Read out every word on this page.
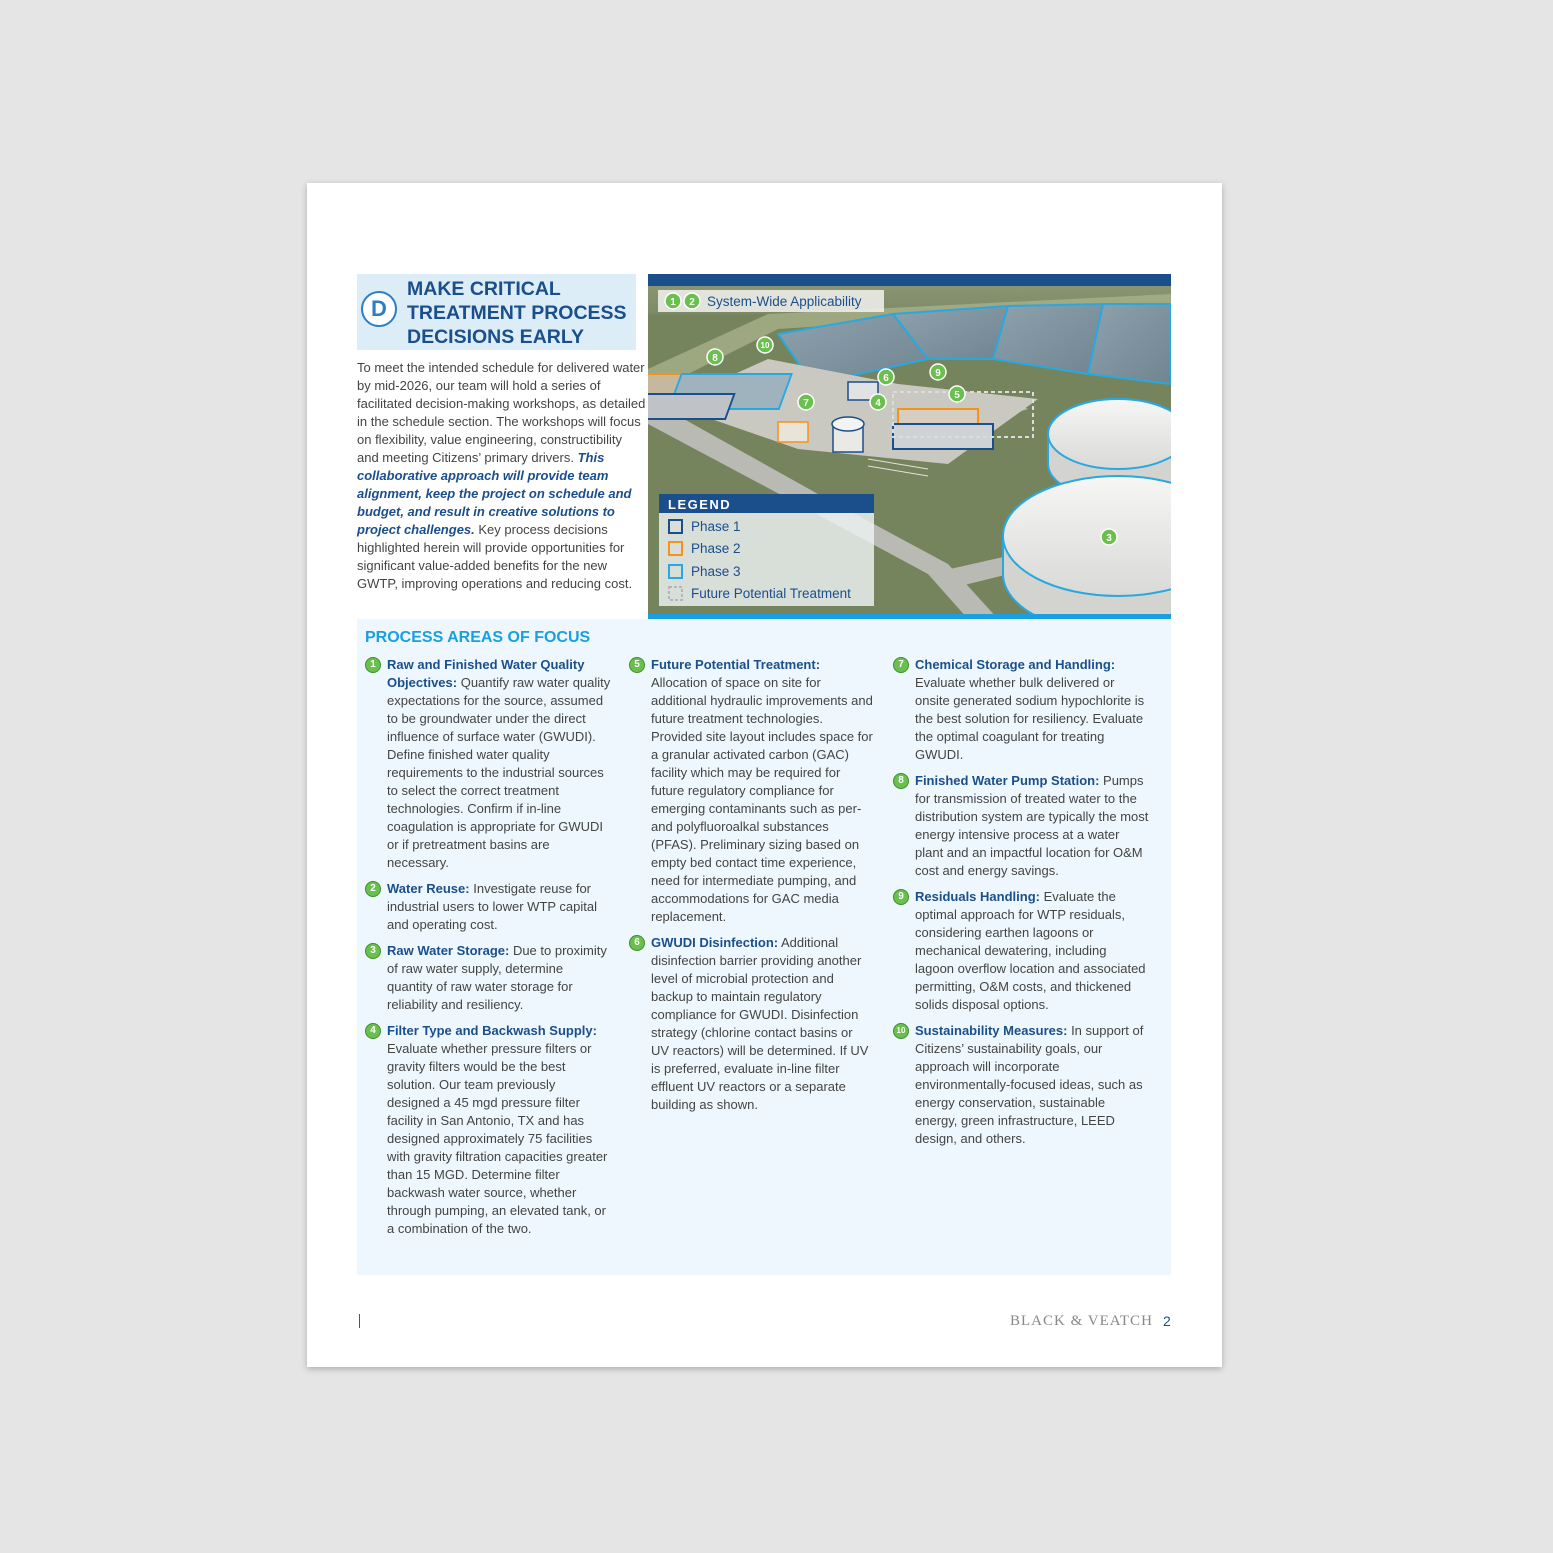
D
MAKE CRITICAL
TREATMENT PROCESS
DECISIONS EARLY
To meet the intended schedule for delivered water by mid-2026, our team will hold a series of facilitated decision-making workshops, as detailed in the schedule section. The workshops will focus on flexibility, value engineering, constructibility and meeting Citizens’ primary drivers. This collaborative approach will provide team alignment, keep the project on schedule and budget, and result in creative solutions to project challenges. Key process decisions highlighted herein will provide opportunities for significant value-added benefits for the new GWTP, improving operations and reducing cost.
8
10
6	9
5
7	4
3
1 2 System-Wide Applicability
LEGEND
Phase 1
Phase 2
Phase 3
Future Potential Treatment
PROCESS AREAS OF FOCUS
1 Raw and Finished Water Quality Objectives: Quantify raw water quality expectations for the source, assumed to be groundwater under the direct influence of surface water (GWUDI). Define finished water quality requirements to the industrial sources to select the correct treatment technologies. Confirm if in-line coagulation is appropriate for GWUDI or if pretreatment basins are necessary.
2 Water Reuse: Investigate reuse for industrial users to lower WTP capital and operating cost.
3 Raw Water Storage: Due to proximity of raw water supply, determine quantity of raw water storage for reliability and resiliency.
4 Filter Type and Backwash Supply: Evaluate whether pressure filters or gravity filters would be the best solution. Our team previously designed a 45 mgd pressure filter facility in San Antonio, TX and has designed approximately 75 facilities with gravity filtration capacities greater than 15 MGD. Determine filter backwash water source, whether through pumping, an elevated tank, or a combination of the two.
5 Future Potential Treatment: Allocation of space on site for additional hydraulic improvements and future treatment technologies. Provided site layout includes space for a granular activated carbon (GAC) facility which may be required for future regulatory compliance for emerging contaminants such as per- and polyfluoroalkal substances (PFAS). Preliminary sizing based on empty bed contact time experience, need for intermediate pumping, and accommodations for GAC media replacement.
6 GWUDI Disinfection: Additional disinfection barrier providing another level of microbial protection and backup to maintain regulatory compliance for GWUDI. Disinfection strategy (chlorine contact basins or UV reactors) will be determined. If UV is preferred, evaluate in-line filter effluent UV reactors or a separate building as shown.
7 Chemical Storage and Handling: Evaluate whether bulk delivered or onsite generated sodium hypochlorite is the best solution for resiliency. Evaluate the optimal coagulant for treating GWUDI.
8 Finished Water Pump Station: Pumps for transmission of treated water to the distribution system are typically the most energy intensive process at a water plant and an impactful location for O&M cost and energy savings.
9 Residuals Handling: Evaluate the optimal approach for WTP residuals, considering earthen lagoons or mechanical dewatering, including lagoon overflow location and associated permitting, O&M costs, and thickened solids disposal options.
10 Sustainability Measures: In support of Citizens’ sustainability goals, our approach will incorporate environmentally-focused ideas, such as energy conservation, sustainable energy, green infrastructure, LEED design, and others.
BLACK & VEATCH 2
